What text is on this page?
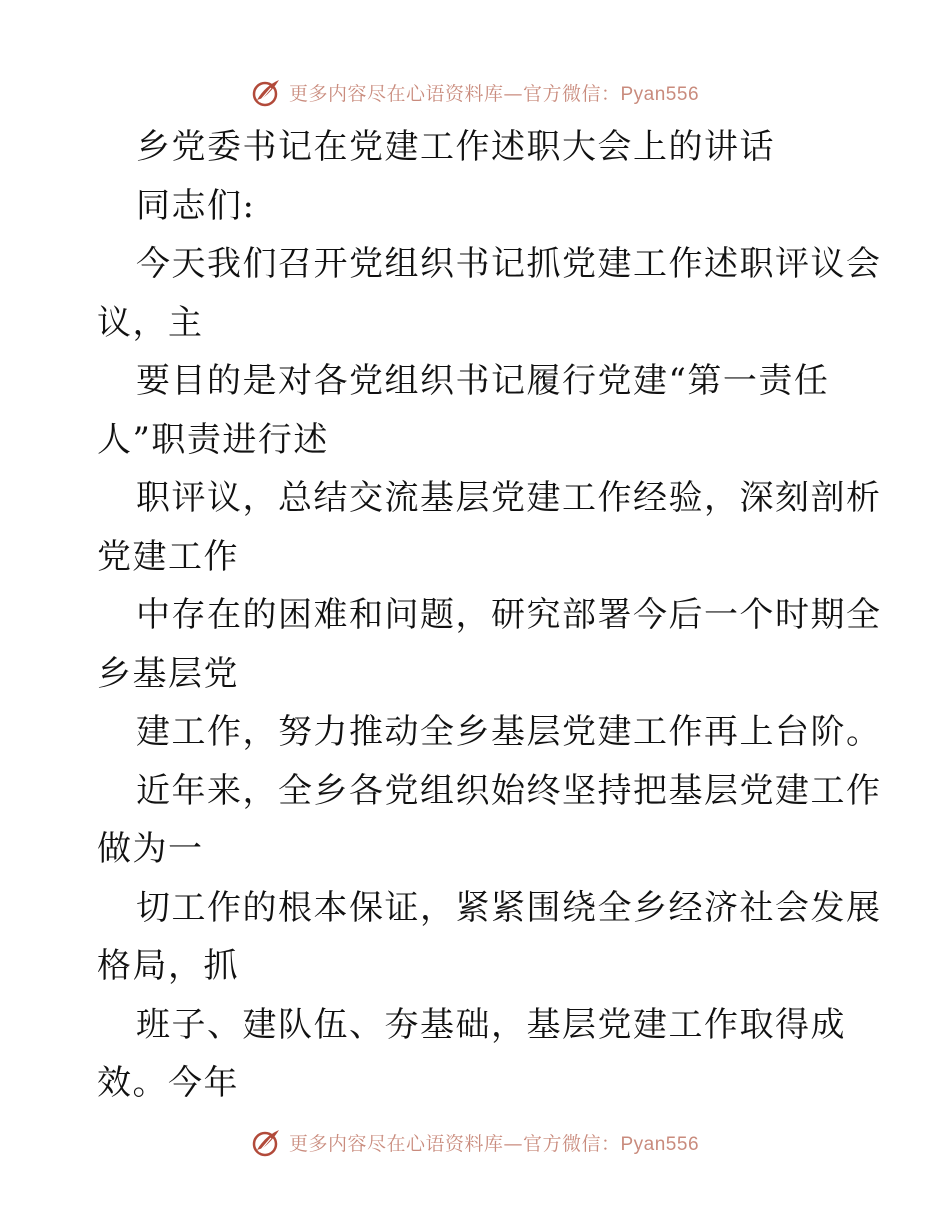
更多内容尽在心语资料库—官方微信：Pyan556
乡党委书记在党建工作述职大会上的讲话
同志们:
今天我们召开党组织书记抓党建工作述职评议会
议，主
要目的是对各党组织书记履行党建“第一责任
人”职责进行述
职评议，总结交流基层党建工作经验，深刻剖析
党建工作
中存在的困难和问题，研究部署今后一个时期全
乡基层党
建工作，努力推动全乡基层党建工作再上台阶。
近年来，全乡各党组织始终坚持把基层党建工作
做为一
切工作的根本保证，紧紧围绕全乡经济社会发展
格局，抓
班子、建队伍、夯基础，基层党建工作取得成
效。今年
更多内容尽在心语资料库—官方微信：Pyan556
